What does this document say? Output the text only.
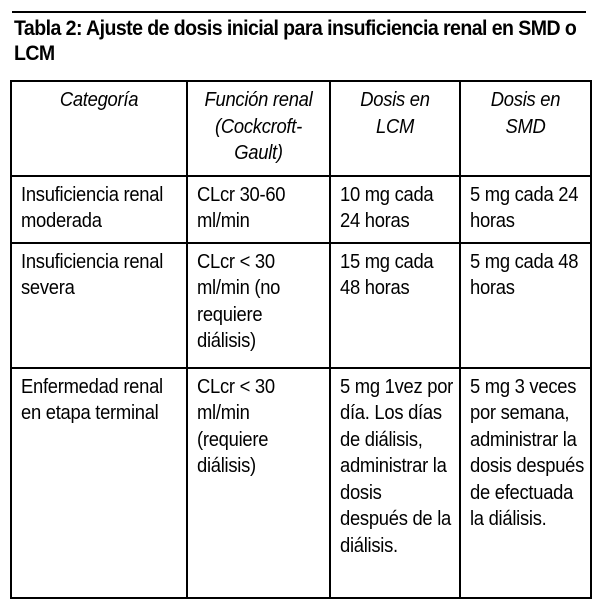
Tabla 2: Ajuste de dosis inicial para insuficiencia renal en SMD o LCM
Categoría	Función renal (Cockcroft-Gault)	Dosis en LCM	Dosis en SMD

Insuficiencia renal moderada	CLcr 30-60 ml/min	10 mg cada 24 horas	5 mg cada 24 horas

Insuficiencia renal severa	CLcr < 30 ml/min (no requiere diálisis)	15 mg cada 48 horas	5 mg cada 48 horas

Enfermedad renal en etapa terminal	CLcr < 30 ml/min (requiere diálisis)	5 mg 1vez por día. Los días de diálisis, administrar la dosis después de la diálisis.	5 mg 3 veces por semana, administrar la dosis después de efectuada la diálisis.
